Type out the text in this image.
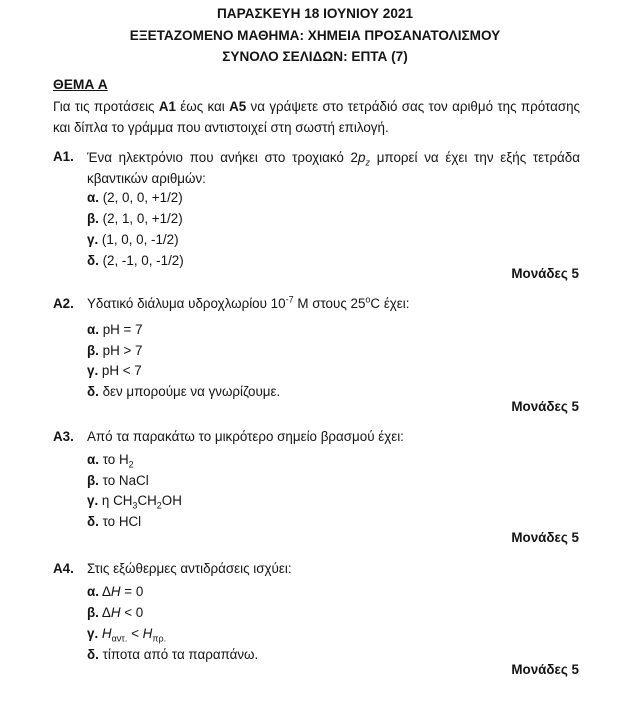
ΠΑΡΑΣΚΕΥΗ 18 ΙΟΥΝΙΟΥ 2021
ΕΞΕΤΑΖΟΜΕΝΟ ΜΑΘΗΜΑ: ΧΗΜΕΙΑ ΠΡΟΣΑΝΑΤΟΛΙΣΜΟΥ
ΣΥΝΟΛΟ ΣΕΛΙΔΩΝ: ΕΠΤΑ (7)
ΘΕΜΑ Α
Για τις προτάσεις Α1 έως και Α5 να γράψετε στο τετράδιό σας τον αριθμό της πρότασης και δίπλα το γράμμα που αντιστοιχεί στη σωστή επιλογή.
Α1. Ένα ηλεκτρόνιο που ανήκει στο τροχιακό $2p_z$ μπορεί να έχει την εξής τετράδα κβαντικών αριθμών:
α. (2, 0, 0, +1/2)
β. (2, 1, 0, +1/2)
γ. (1, 0, 0, -1/2)
δ. (2, -1, 0, -1/2)
Μονάδες 5
Α2. Υδατικό διάλυμα υδροχλωρίου $10^{-7}$ Μ στους 25$^o$C έχει:
α. pH = 7
β. pH > 7
γ. pH < 7
δ. δεν μπορούμε να γνωρίζουμε.
Μονάδες 5
Α3. Από τα παρακάτω το μικρότερο σημείο βρασμού έχει:
α. το $H_2$
β. το NaCl
γ. η $CH_3CH_2OH$
δ. το HCl
Μονάδες 5
Α4. Στις εξώθερμες αντιδράσεις ισχύει:
α. ΔH = 0
β. ΔH < 0
γ. $H_{\alpha\nu\tau.} < H_{\pi\rho.}$
δ. τίποτα από τα παραπάνω.
Μονάδες 5
